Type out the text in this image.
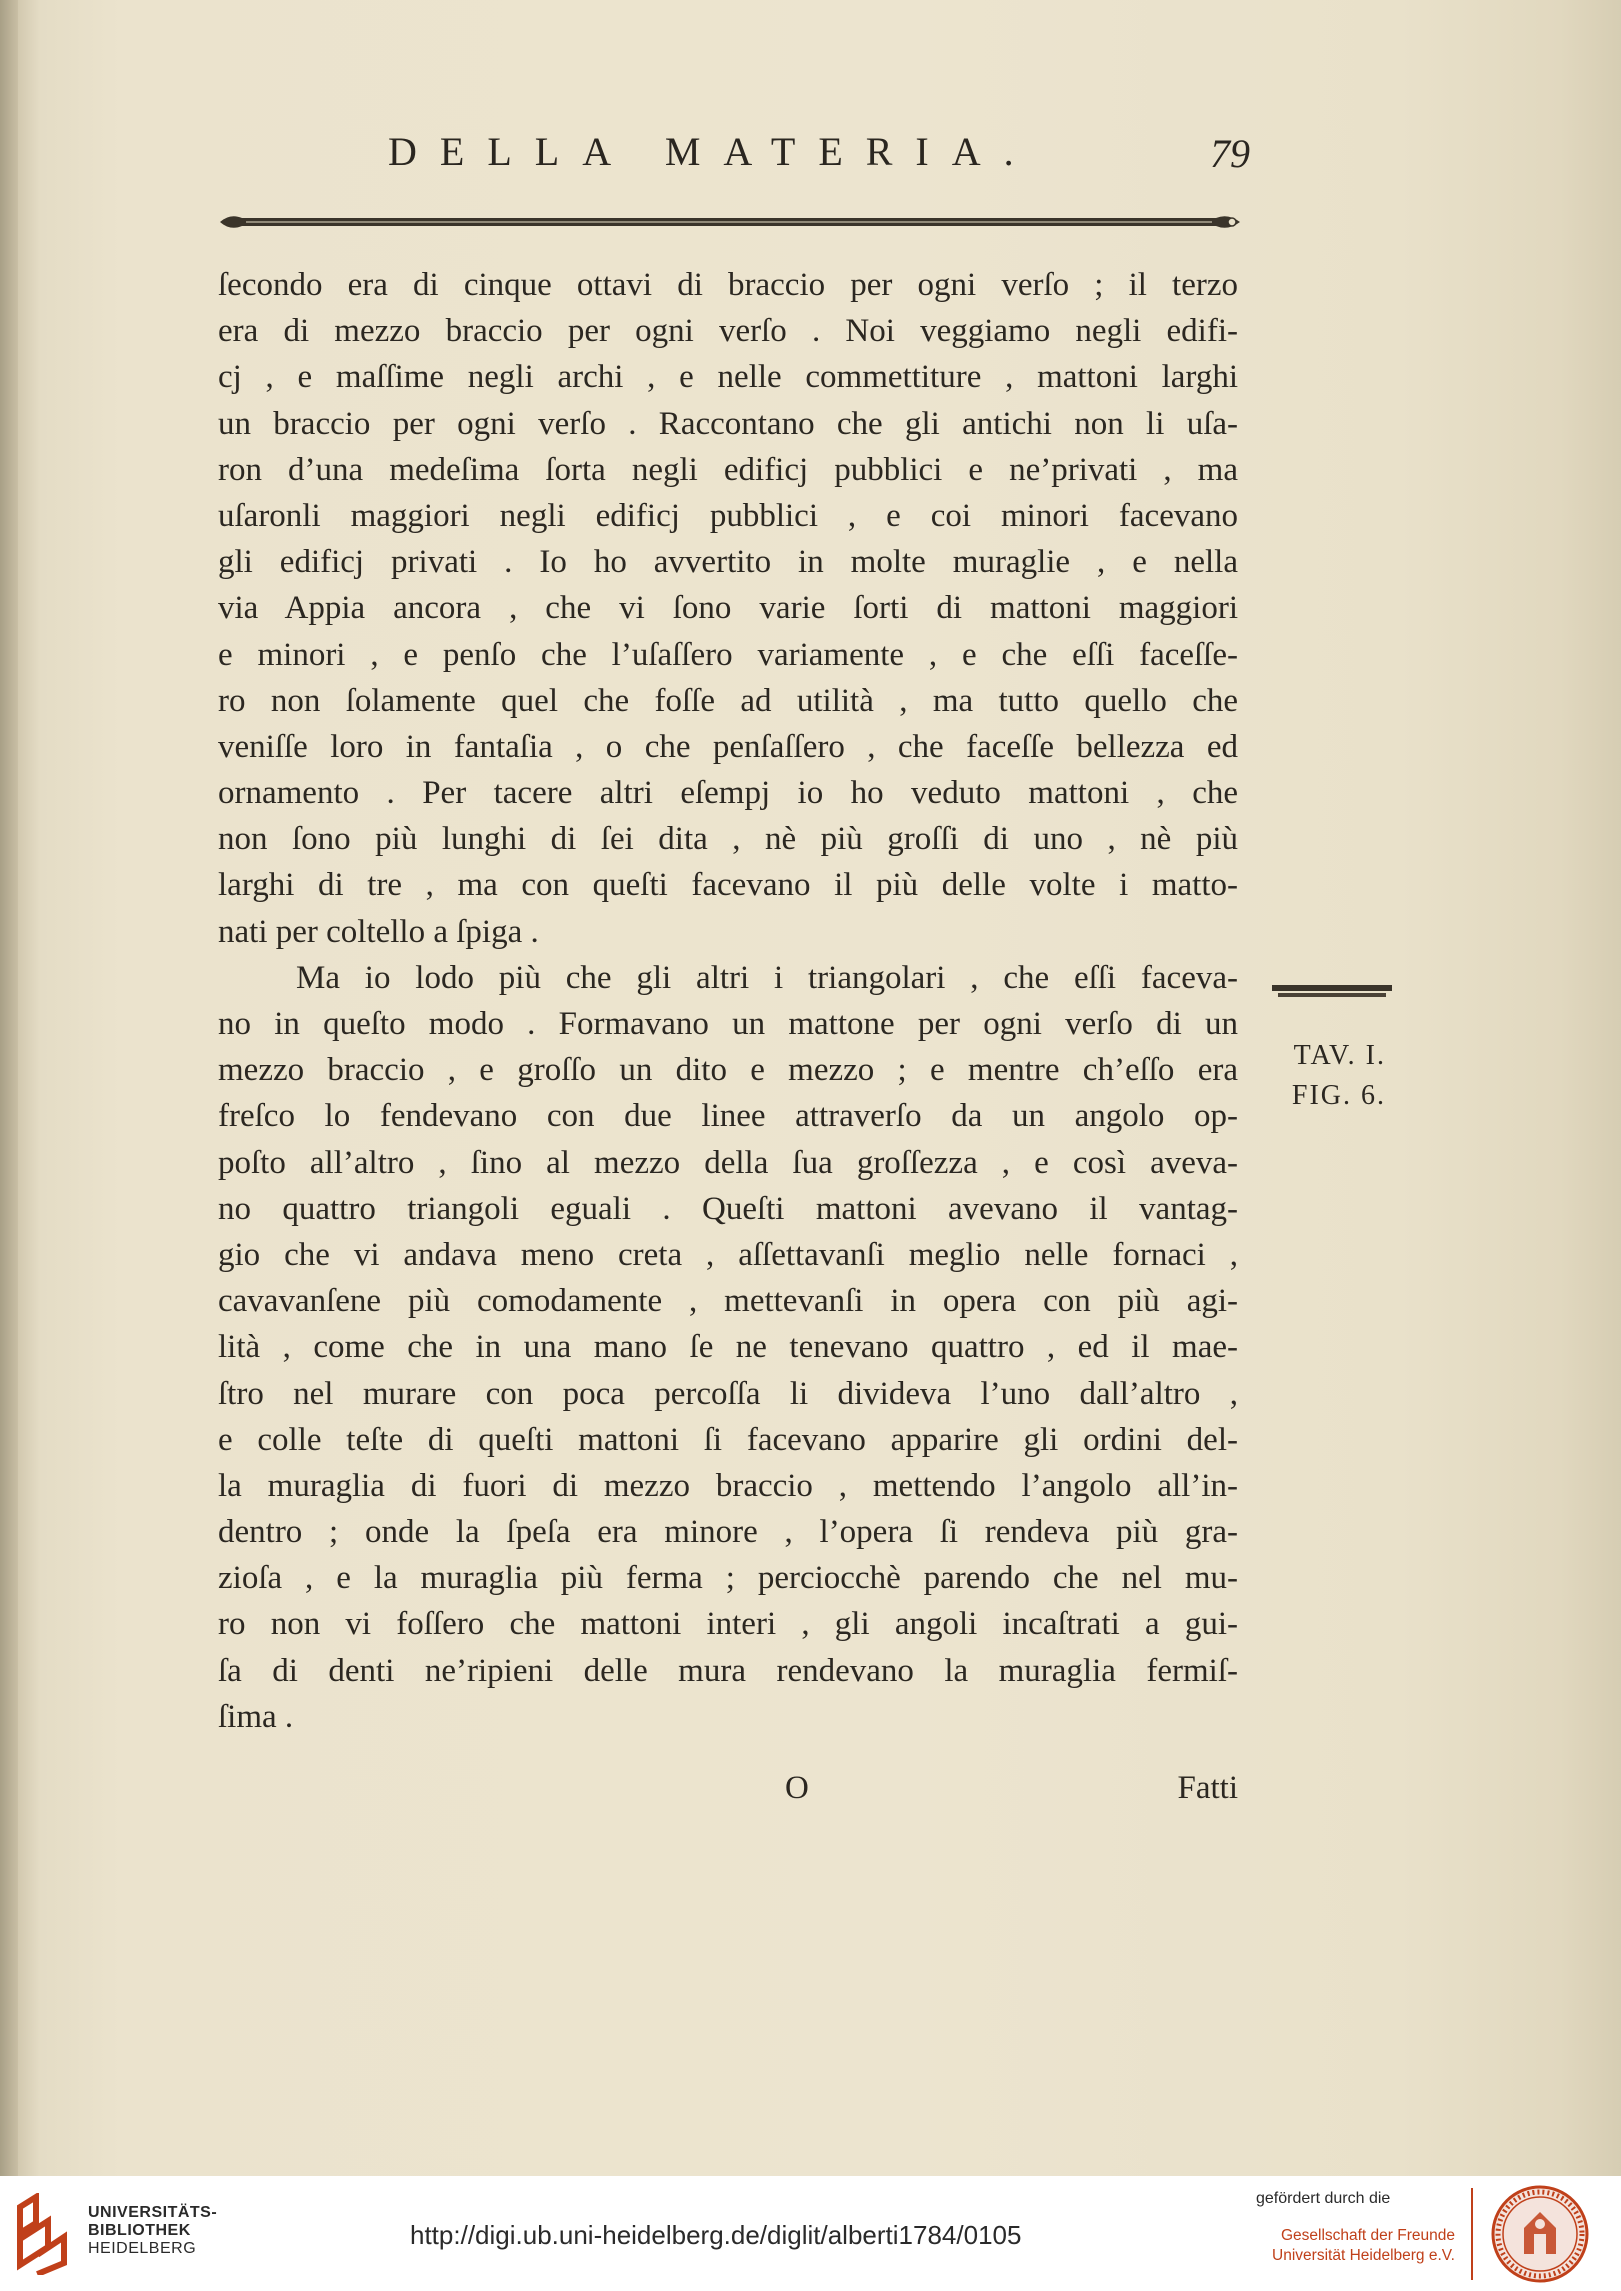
DELLA MATERIA.	79
ſecondo era di cinque ottavi di braccio per ogni verſo ; il terzo
era di mezzo braccio per ogni verſo . Noi veggiamo negli edifi-
cj , e maſſime negli archi , e nelle commettiture , mattoni larghi
un braccio per ogni verſo . Raccontano che gli antichi non li uſa-
ron d’una medeſima ſorta negli edificj pubblici e ne’privati , ma
uſaronli maggiori negli edificj pubblici , e coi minori facevano
gli edificj privati . Io ho avvertito in molte muraglie , e nella
via Appia ancora , che vi ſono varie ſorti di mattoni maggiori
e minori , e penſo che l’uſaſſero variamente , e che eſſi faceſſe-
ro non ſolamente quel che foſſe ad utilità , ma tutto quello che
veniſſe loro in fantaſia , o che penſaſſero , che faceſſe bellezza ed
ornamento . Per tacere altri eſempj io ho veduto mattoni , che
non ſono più lunghi di ſei dita , nè più groſſi di uno , nè più
larghi di tre , ma con queſti facevano il più delle volte i matto-
nati per coltello a ſpiga .
Ma io lodo più che gli altri i triangolari , che eſſi faceva-
no in queſto modo . Formavano un mattone per ogni verſo di un
mezzo braccio , e groſſo un dito e mezzo ; e mentre ch’eſſo era
freſco lo fendevano con due linee attraverſo da un angolo op-
poſto all’altro , ſino al mezzo della ſua groſſezza , e così aveva-
no quattro triangoli eguali . Queſti mattoni avevano il vantag-
gio che vi andava meno creta , aſſettavanſi meglio nelle fornaci ,
cavavanſene più comodamente , mettevanſi in opera con più agi-
lità , come che in una mano ſe ne tenevano quattro , ed il mae-
ſtro nel murare con poca percoſſa li divideva l’uno dall’altro ,
e colle teſte di queſti mattoni ſi facevano apparire gli ordini del-
la muraglia di fuori di mezzo braccio , mettendo l’angolo all’in-
dentro ; onde la ſpeſa era minore , l’opera ſi rendeva più gra-
zioſa , e la muraglia più ferma ; perciocchè parendo che nel mu-
ro non vi foſſero che mattoni interi , gli angoli incaſtrati a gui-
ſa di denti ne’ripieni delle mura rendevano la muraglia fermiſ-
ſima .
O	Fatti
TAV. I.
FIG. 6.
UNIVERSITÄTS-
BIBLIOTHEK
HEIDELBERG	http://digi.ub.uni-heidelberg.de/diglit/alberti1784/0105
gefördert durch die
Gesellschaft der Freunde
Universität Heidelberg e.V.
